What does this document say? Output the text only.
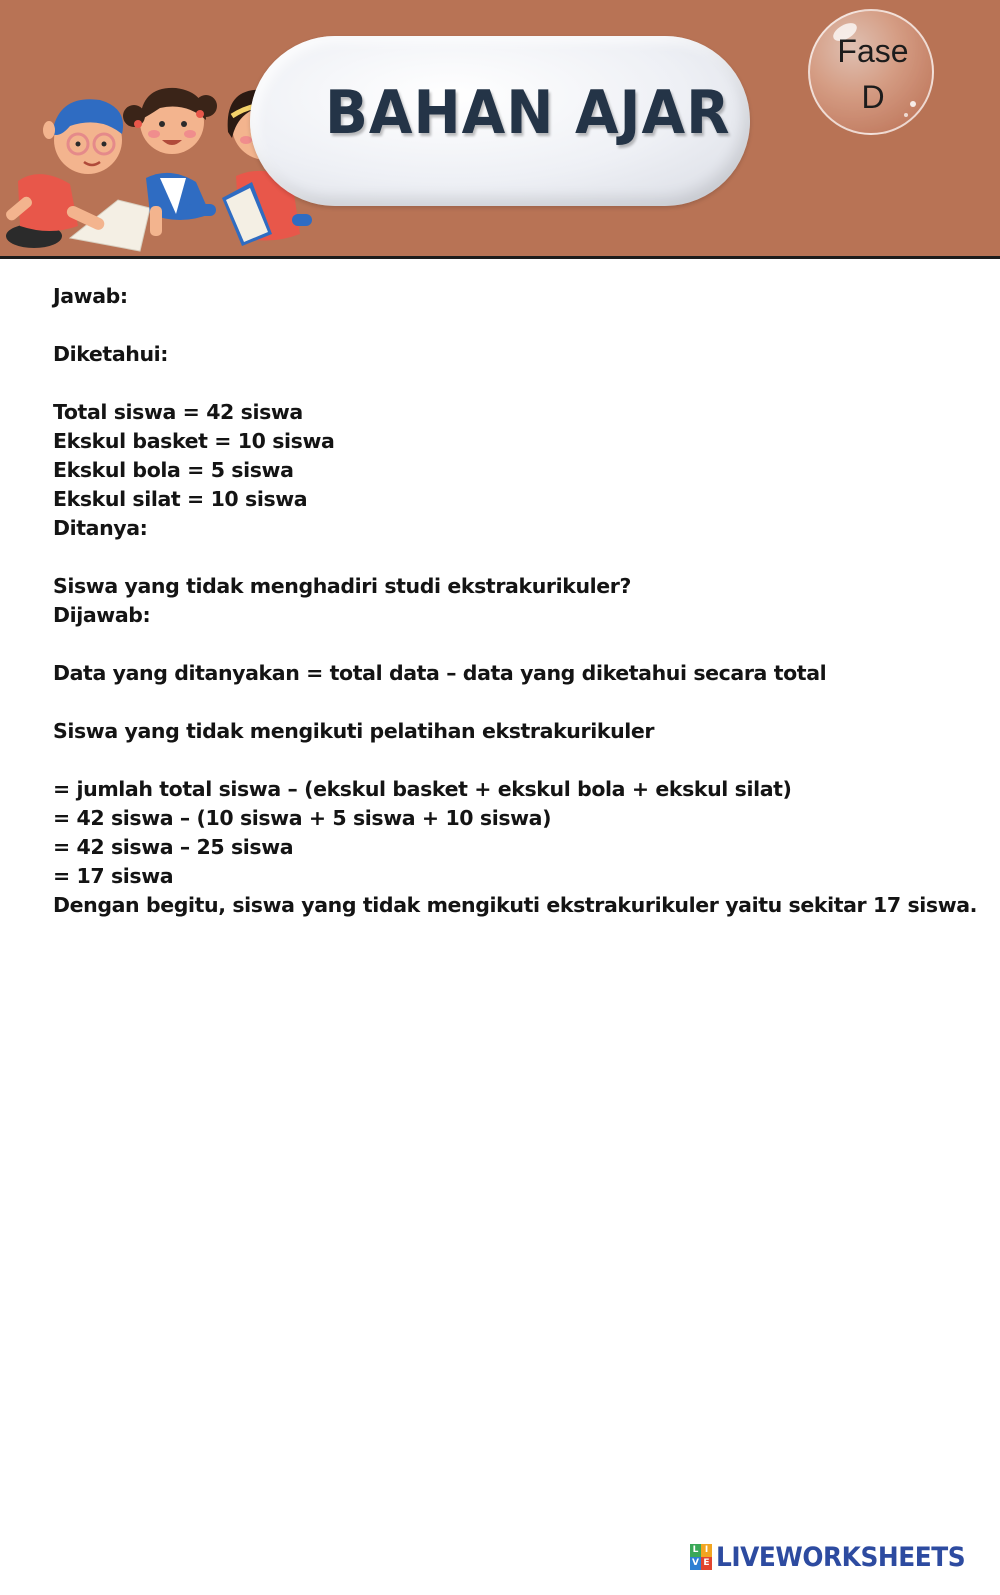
BAHAN AJAR
Fase
D
Jawab:
Diketahui:
Total siswa = 42 siswa
Ekskul basket = 10 siswa
Ekskul bola = 5 siswa
Ekskul silat = 10 siswa
Ditanya:
Siswa yang tidak menghadiri studi ekstrakurikuler?
Dijawab:
Data yang ditanyakan = total data – data yang diketahui secara total
Siswa yang tidak mengikuti pelatihan ekstrakurikuler
= jumlah total siswa – (ekskul basket + ekskul bola + ekskul silat)
= 42 siswa – (10 siswa + 5 siswa + 10 siswa)
= 42 siswa – 25 siswa
= 17 siswa
Dengan begitu, siswa yang tidak mengikuti ekstrakurikuler yaitu sekitar 17 siswa.
L I
V E LIVEWORKSHEETS
